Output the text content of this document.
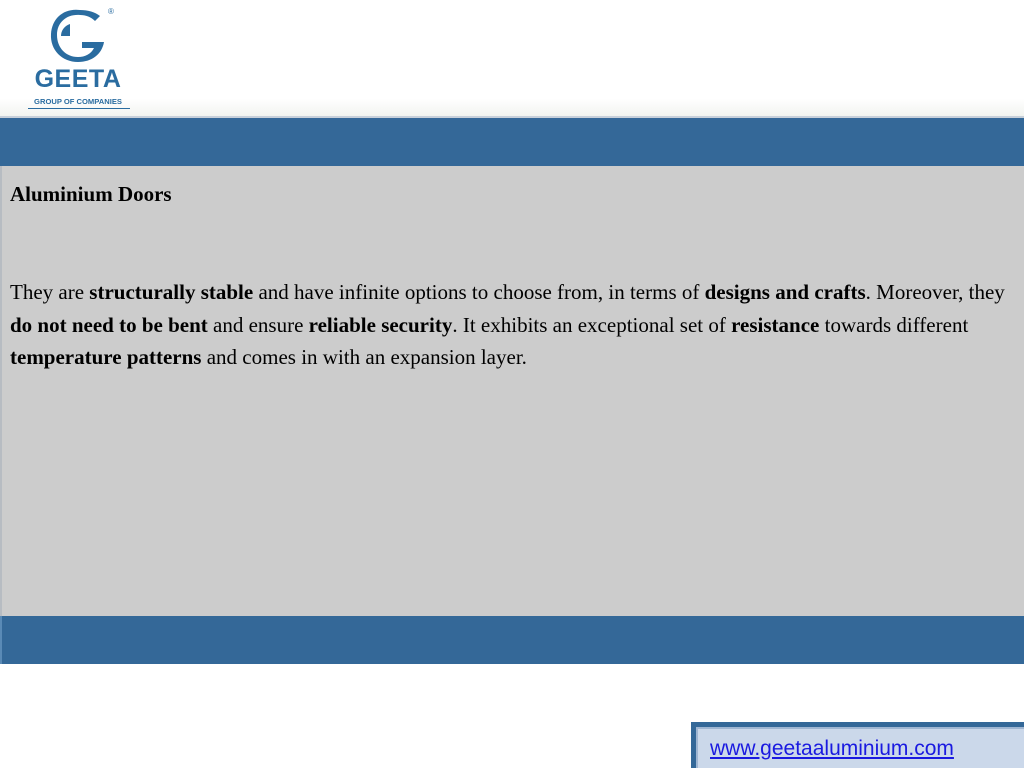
®
GEETA
GROUP OF COMPANIES
Aluminium Doors

They are structurally stable and have infinite options to choose from, in terms of designs and crafts. Moreover, they do not need to be bent and ensure reliable security. It exhibits an exceptional set of resistance towards different temperature patterns and comes in with an expansion layer.

www.geetaaluminium.com
